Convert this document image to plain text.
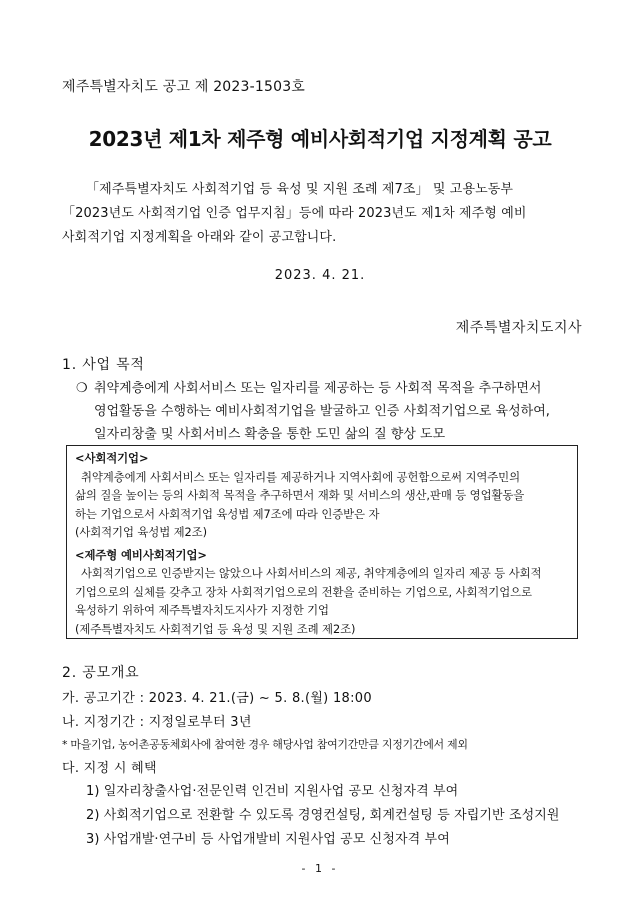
제주특별자치도 공고 제 2023-1503호
2023년 제1차 제주형 예비사회적기업 지정계획 공고
「제주특별자치도 사회적기업 등 육성 및 지원 조례 제7조」 및 고용노동부
「2023년도 사회적기업 인증 업무지침」등에 따라 2023년도 제1차 제주형 예비
사회적기업 지정계획을 아래와 같이 공고합니다.
2023. 4. 21.
제주특별자치도지사
1. 사업 목적
❍ 취약계층에게 사회서비스 또는 일자리를 제공하는 등 사회적 목적을 추구하면서
영업활동을 수행하는 예비사회적기업을 발굴하고 인증 사회적기업으로 육성하여,
일자리창출 및 사회서비스 확충을 통한 도민 삶의 질 향상 도모
<사회적기업>
취약계층에게 사회서비스 또는 일자리를 제공하거나 지역사회에 공헌함으로써 지역주민의
삶의 질을 높이는 등의 사회적 목적을 추구하면서 재화 및 서비스의 생산,판매 등 영업활동을
하는 기업으로서 사회적기업 육성법 제7조에 따라 인증받은 자
(사회적기업 육성법 제2조)
<제주형 예비사회적기업>
사회적기업으로 인증받지는 않았으나 사회서비스의 제공, 취약계층에의 일자리 제공 등 사회적
기업으로의 실체를 갖추고 장차 사회적기업으로의 전환을 준비하는 기업으로, 사회적기업으로
육성하기 위하여 제주특별자치도지사가 지정한 기업
(제주특별자치도 사회적기업 등 육성 및 지원 조례 제2조)
2. 공모개요
가. 공고기간 : 2023. 4. 21.(금) ~ 5. 8.(월) 18:00
나. 지정기간 : 지정일로부터 3년
* 마을기업, 농어촌공동체회사에 참여한 경우 해당사업 참여기간만큼 지정기간에서 제외
다. 지정 시 혜택
1) 일자리창출사업·전문인력 인건비 지원사업 공모 신청자격 부여
2) 사회적기업으로 전환할 수 있도록 경영컨설팅, 회계컨설팅 등 자립기반 조성지원
3) 사업개발·연구비 등 사업개발비 지원사업 공모 신청자격 부여
- 1 -
